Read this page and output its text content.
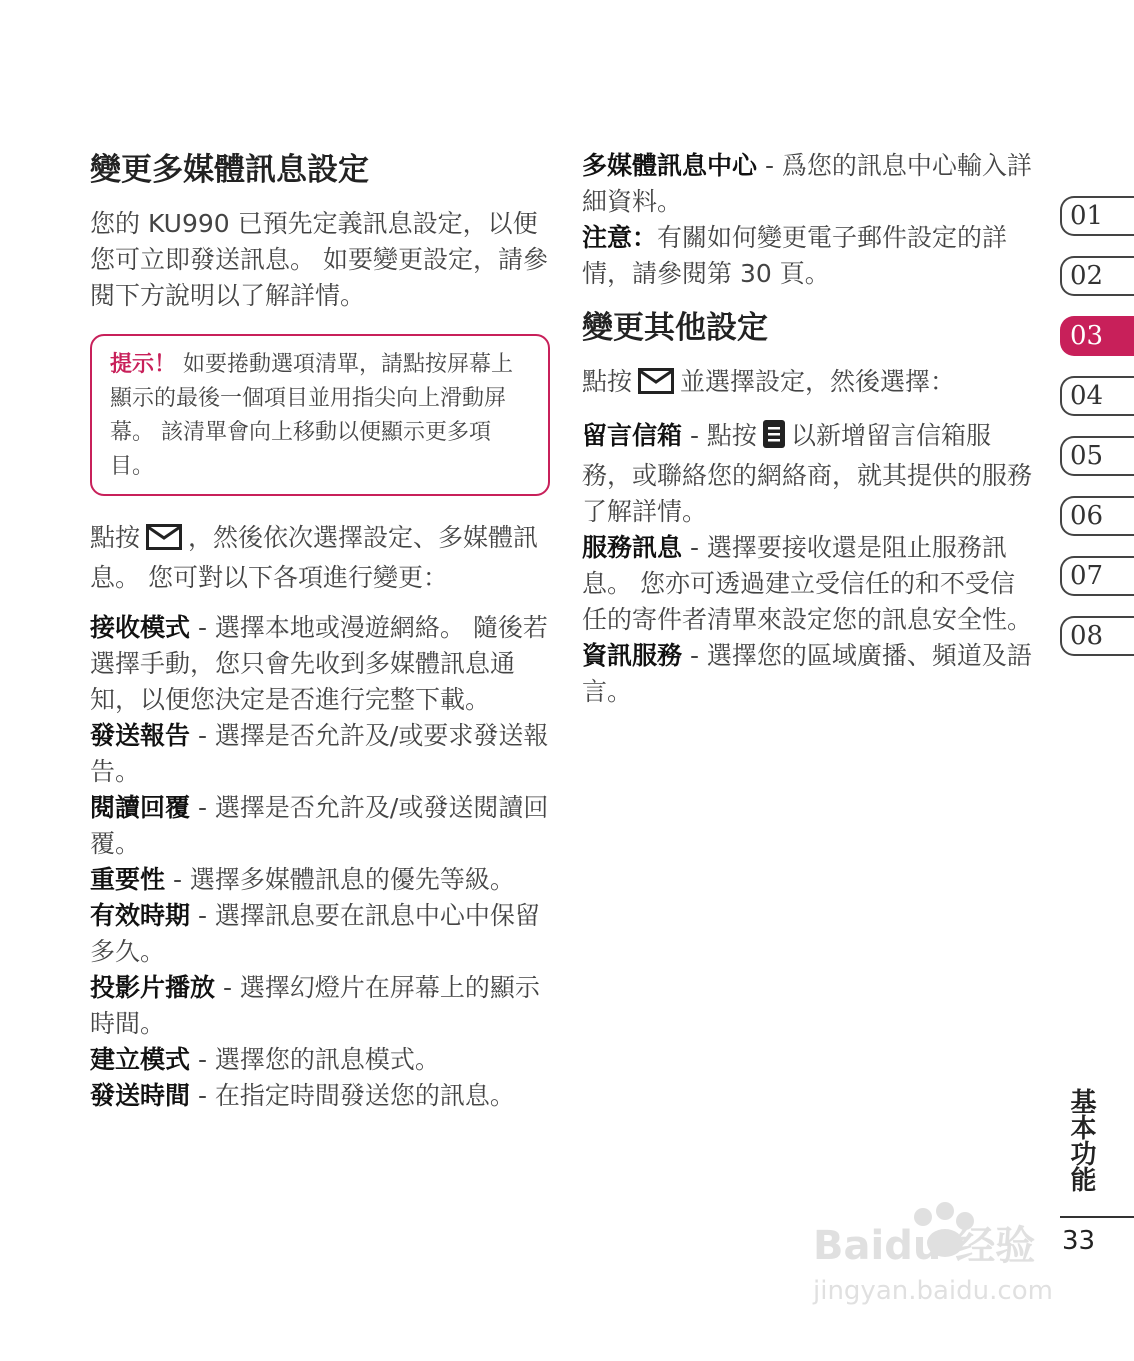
變更多媒體訊息設定

您的 KU990 已預先定義訊息設定，以便您可立即發送訊息。 如要變更設定，請參閱下方說明以了解詳情。

提示！ 如要捲動選項清單，請點按屏幕上顯示的最後一個項目並用指尖向上滑動屏幕。 該清單會向上移動以便顯示更多項目。

點按 ，然後依次選擇設定、多媒體訊息。 您可對以下各項進行變更：

接收模式 - 選擇本地或漫遊網絡。 隨後若選擇手動，您只會先收到多媒體訊息通知，以便您決定是否進行完整下載。

發送報告 - 選擇是否允許及/或要求發送報告。

閱讀回覆 - 選擇是否允許及/或發送閱讀回覆。

重要性 - 選擇多媒體訊息的優先等級。

有效時期 - 選擇訊息要在訊息中心中保留多久。

投影片播放 - 選擇幻燈片在屏幕上的顯示時間。

建立模式 - 選擇您的訊息模式。

發送時間 - 在指定時間發送您的訊息。

多媒體訊息中心 - 爲您的訊息中心輸入詳細資料。

注意：有關如何變更電子郵件設定的詳情，請參閱第 30 頁。

變更其他設定

點按 並選擇設定，然後選擇：

留言信箱 - 點按 以新增留言信箱服務，或聯絡您的網絡商，就其提供的服務了解詳情。

服務訊息 - 選擇要接收還是阻止服務訊息。 您亦可透過建立受信任的和不受信任的寄件者清單來設定您的訊息安全性。

資訊服務 - 選擇您的區域廣播、頻道及語言。

01
02
03
04
05
06
07
08
基本功能
33
Baidu 经验
jingyan.baidu.com
